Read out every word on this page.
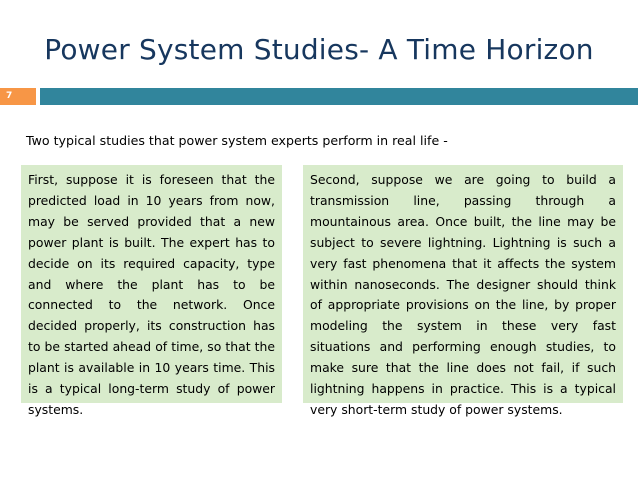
Power System Studies- A Time Horizon
7
Two typical studies that power system experts perform in real life -

First, suppose it is foreseen that the predicted load in 10 years from now, may be served provided that a new power plant is built. The expert has to decide on its required capacity, type and where the plant has to be connected to the network. Once decided properly, its construction has to be started ahead of time, so that the plant is available in 10 years time. This is a typical long-term study of power systems.

Second, suppose we are going to build a transmission line, passing through a mountainous area. Once built, the line may be subject to severe lightning. Lightning is such a very fast phenomena that it affects the system within nanoseconds. The designer should think of appropriate provisions on the line, by proper modeling the system in these very fast situations and performing enough studies, to make sure that the line does not fail, if such lightning happens in practice. This is a typical very short-term study of power systems.
